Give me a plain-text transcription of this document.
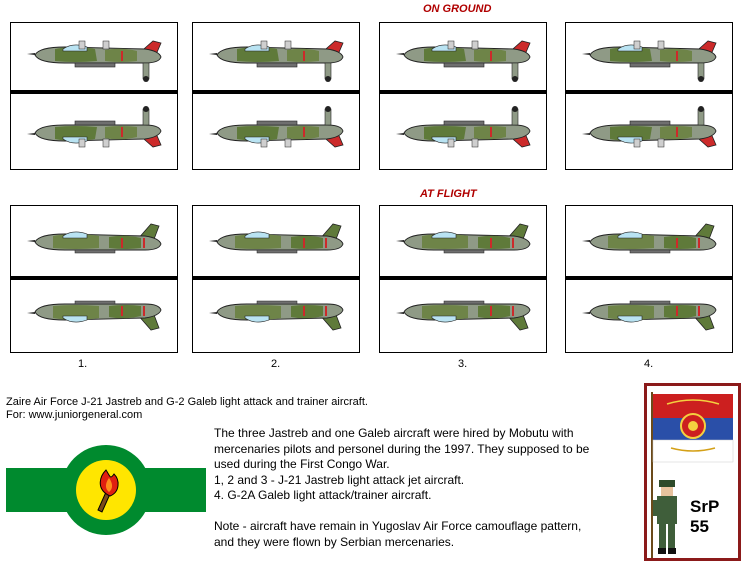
ON GROUND
AT FLIGHT
1.	2.	3.	4.
Zaire Air Force J-21 Jastreb and G-2 Galeb light attack and trainer aircraft.
For: www.juniorgeneral.com
The three Jastreb and one Galeb aircraft were hired by Mobutu with
mercenaries pilots and personel during the 1997. They supposed to be
used during the First Congo War.
1, 2 and 3 - J-21 Jastreb light attack jet aircraft.
4. G-2A Galeb light attack/trainer aircraft.
Note - aircraft have remain in Yugoslav Air Force camouflage pattern,
and they were flown by Serbian mercenaries.
SrP
55
